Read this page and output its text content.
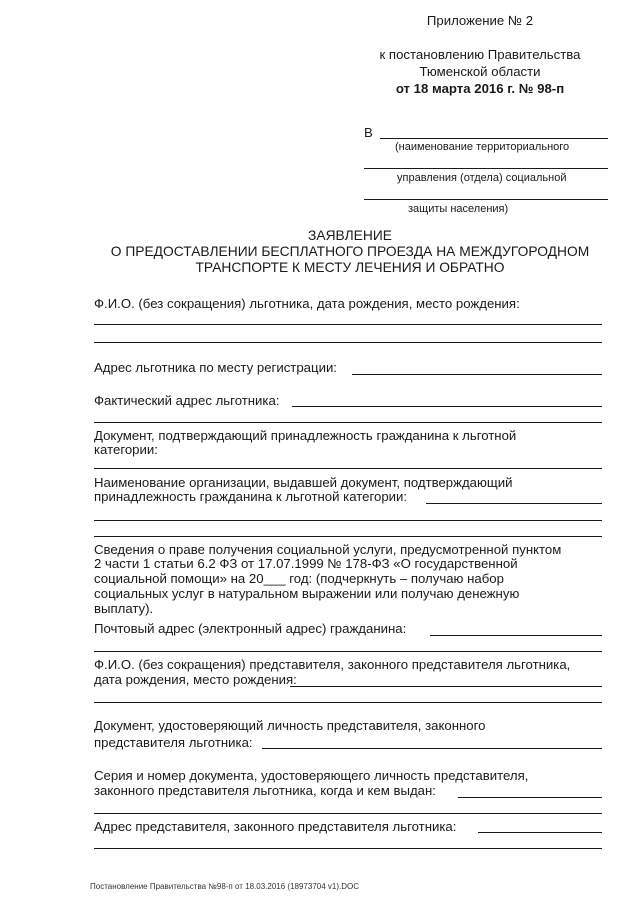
Приложение № 2
к постановлению Правительства
Тюменской области
от 18 марта 2016 г. № 98-п
В
(наименование территориального
управления (отдела) социальной
защиты населения)
ЗАЯВЛЕНИЕ
О ПРЕДОСТАВЛЕНИИ БЕСПЛАТНОГО ПРОЕЗДА НА МЕЖДУГОРОДНОМ
ТРАНСПОРТЕ К МЕСТУ ЛЕЧЕНИЯ И ОБРАТНО
Ф.И.О. (без сокращения) льготника, дата рождения, место рождения:
Адрес льготника по месту регистрации:
Фактический адрес льготника:
Документ, подтверждающий принадлежность гражданина к льготной
категории:
Наименование организации, выдавшей документ, подтверждающий
принадлежность гражданина к льготной категории:
Сведения о праве получения социальной услуги, предусмотренной пунктом
2 части 1 статьи 6.2 ФЗ от 17.07.1999 № 178-ФЗ «О государственной
социальной помощи» на 20___ год: (подчеркнуть – получаю набор
социальных услуг в натуральном выражении или получаю денежную
выплату).
Почтовый адрес (электронный адрес) гражданина:
Ф.И.О. (без сокращения) представителя, законного представителя льготника,
дата рождения, место рождения:
Документ, удостоверяющий личность представителя, законного
представителя льготника:
Серия и номер документа, удостоверяющего личность представителя,
законного представителя льготника, когда и кем выдан:
Адрес представителя, законного представителя льготника:
Постановление Правительства №98-п от 18.03.2016 (18973704 v1).DOC
